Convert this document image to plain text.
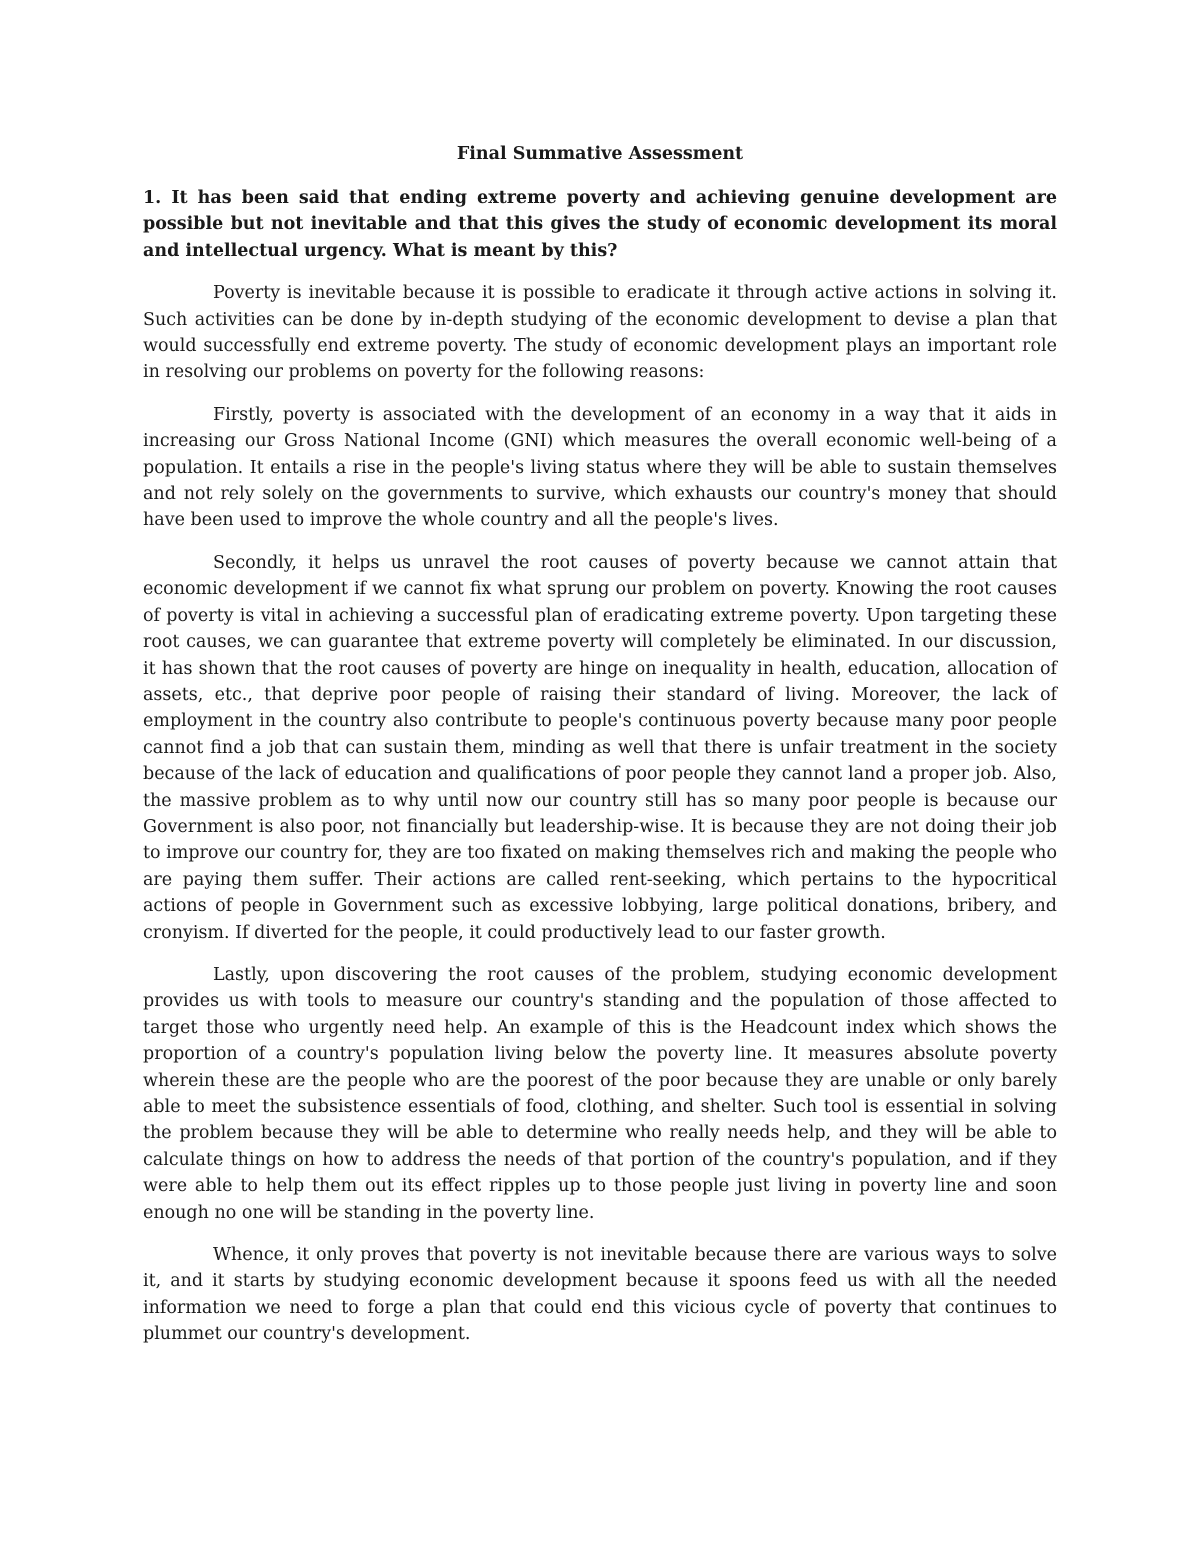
Final Summative Assessment

1. It has been said that ending extreme poverty and achieving genuine development are possible but not inevitable and that this gives the study of economic development its moral and intellectual urgency. What is meant by this?

Poverty is inevitable because it is possible to eradicate it through active actions in solving it. Such activities can be done by in-depth studying of the economic development to devise a plan that would successfully end extreme poverty. The study of economic development plays an important role in resolving our problems on poverty for the following reasons:

Firstly, poverty is associated with the development of an economy in a way that it aids in increasing our Gross National Income (GNI) which measures the overall economic well-being of a population. It entails a rise in the people's living status where they will be able to sustain themselves and not rely solely on the governments to survive, which exhausts our country's money that should have been used to improve the whole country and all the people's lives.

Secondly, it helps us unravel the root causes of poverty because we cannot attain that economic development if we cannot fix what sprung our problem on poverty. Knowing the root causes of poverty is vital in achieving a successful plan of eradicating extreme poverty. Upon targeting these root causes, we can guarantee that extreme poverty will completely be eliminated. In our discussion, it has shown that the root causes of poverty are hinge on inequality in health, education, allocation of assets, etc., that deprive poor people of raising their standard of living. Moreover, the lack of employment in the country also contribute to people's continuous poverty because many poor people cannot find a job that can sustain them, minding as well that there is unfair treatment in the society because of the lack of education and qualifications of poor people they cannot land a proper job. Also, the massive problem as to why until now our country still has so many poor people is because our Government is also poor, not financially but leadership-wise. It is because they are not doing their job to improve our country for, they are too fixated on making themselves rich and making the people who are paying them suffer. Their actions are called rent-seeking, which pertains to the hypocritical actions of people in Government such as excessive lobbying, large political donations, bribery, and cronyism. If diverted for the people, it could productively lead to our faster growth.

Lastly, upon discovering the root causes of the problem, studying economic development provides us with tools to measure our country's standing and the population of those affected to target those who urgently need help. An example of this is the Headcount index which shows the proportion of a country's population living below the poverty line. It measures absolute poverty wherein these are the people who are the poorest of the poor because they are unable or only barely able to meet the subsistence essentials of food, clothing, and shelter. Such tool is essential in solving the problem because they will be able to determine who really needs help, and they will be able to calculate things on how to address the needs of that portion of the country's population, and if they were able to help them out its effect ripples up to those people just living in poverty line and soon enough no one will be standing in the poverty line.

Whence, it only proves that poverty is not inevitable because there are various ways to solve it, and it starts by studying economic development because it spoons feed us with all the needed information we need to forge a plan that could end this vicious cycle of poverty that continues to plummet our country's development.
